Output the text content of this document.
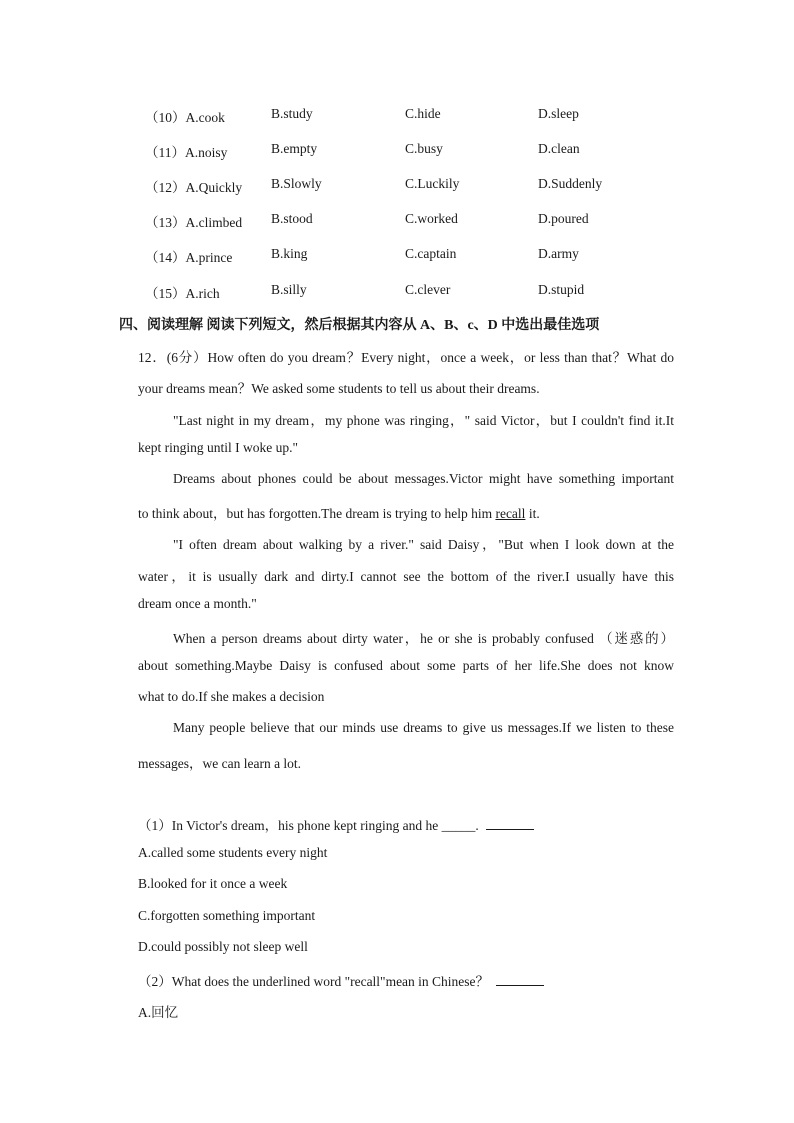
（10）A.cook	B.study	C.hide	D.sleep
（11）A.noisy	B.empty	C.busy	D.clean
（12）A.Quickly B.Slowly	C.Luckily	D.Suddenly
（13）A.climbed B.stood	C.worked	D.poured
（14）A.prince	B.king	C.captain	D.army
（15）A.rich	B.silly	C.clever	D.stupid
四、阅读理解 阅读下列短文，然后根据其内容从 A、B、c、D 中选出最佳选项
12．(6分）How often do you dream？Every night，once a week，or less than that？What do
your dreams mean？We asked some students to tell us about their dreams.
"Last night in my dream，my phone was ringing，" said Victor，but I couldn't find it.It
kept ringing until I woke up."
Dreams about phones could be about messages.Victor might have something important
to think about，but has forgotten.The dream is trying to help him recall it.
"I often dream about walking by a river." said Daisy，"But when I look down at the
water，it is usually dark and dirty.I cannot see the bottom of the river.I usually have this
dream once a month."
When a person dreams about dirty water，he or she is probably confused （迷惑的）
about something.Maybe Daisy is confused about some parts of her life.She does not know
what to do.If she makes a decision
Many people believe that our minds use dreams to give us messages.If we listen to these
messages，we can learn a lot.
（1）In Victor's dream，his phone kept ringing and he _____.
A.called some students every night
B.looked for it once a week
C.forgotten something important
D.could possibly not sleep well
（2）What does the underlined word "recall"mean in Chinese？
A.回忆
